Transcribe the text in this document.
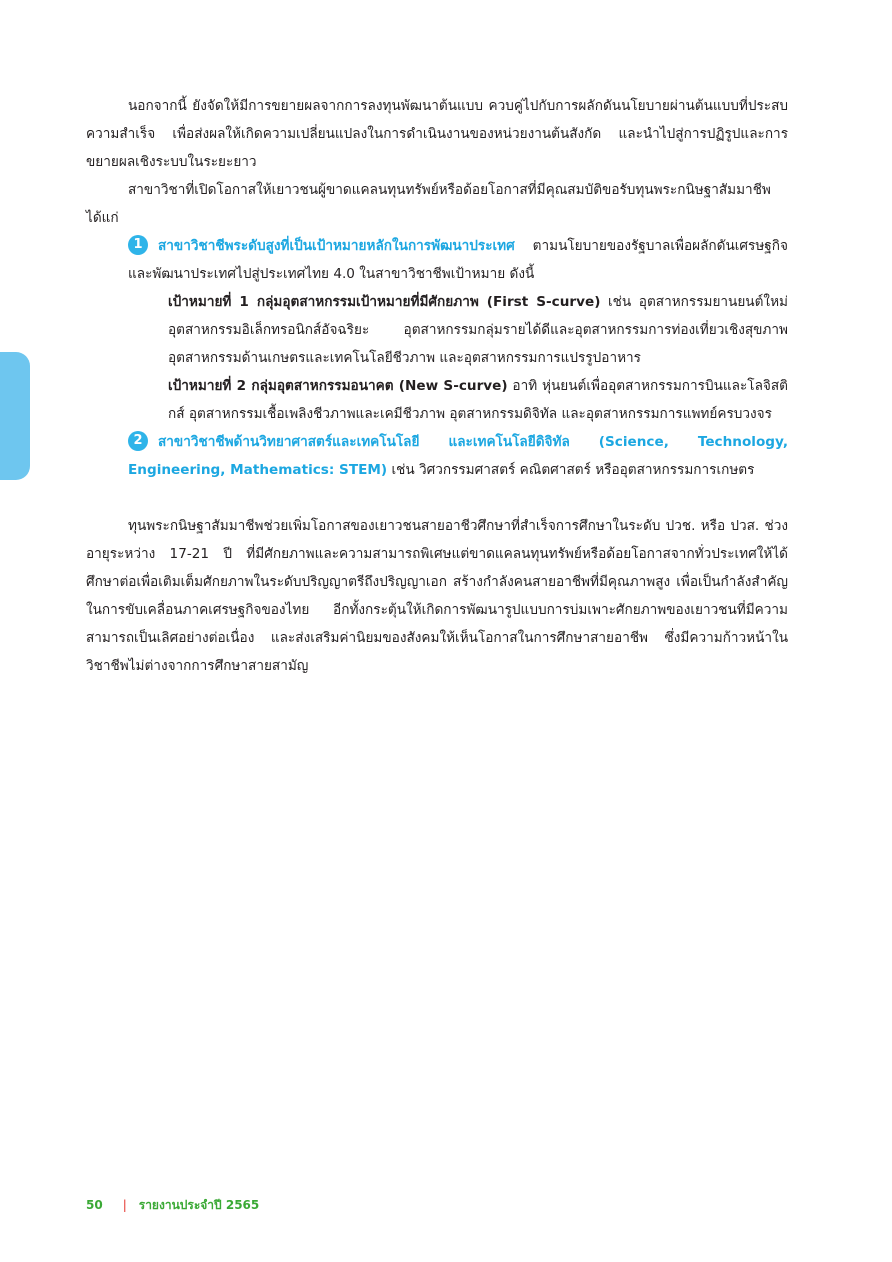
นอกจากนี้ ยังจัดให้มีการขยายผลจากการลงทุนพัฒนาต้นแบบ ควบคู่ไปกับการผลักดันนโยบายผ่านต้นแบบที่ประสบความสำเร็จ เพื่อส่งผลให้เกิดความเปลี่ยนแปลงในการดำเนินงานของหน่วยงานต้นสังกัด และนำไปสู่การปฏิรูปและการขยายผลเชิงระบบในระยะยาว

สาขาวิชาที่เปิดโอกาสให้เยาวชนผู้ขาดแคลนทุนทรัพย์หรือด้อยโอกาสที่มีคุณสมบัติขอรับทุนพระกนิษฐาสัมมาชีพ ได้แก่

1 สาขาวิชาชีพระดับสูงที่เป็นเป้าหมายหลักในการพัฒนาประเทศ ตามนโยบายของรัฐบาลเพื่อผลักดันเศรษฐกิจและพัฒนาประเทศไปสู่ประเทศไทย 4.0 ในสาขาวิชาชีพเป้าหมาย ดังนี้

เป้าหมายที่ 1 กลุ่มอุตสาหกรรมเป้าหมายที่มีศักยภาพ (First S-curve) เช่น อุตสาหกรรมยานยนต์ใหม่ อุตสาหกรรมอิเล็กทรอนิกส์อัจฉริยะ อุตสาหกรรมกลุ่มรายได้ดีและอุตสาหกรรมการท่องเที่ยวเชิงสุขภาพ อุตสาหกรรมด้านเกษตรและเทคโนโลยีชีวภาพ และอุตสาหกรรมการแปรรูปอาหาร

เป้าหมายที่ 2 กลุ่มอุตสาหกรรมอนาคต (New S-curve) อาทิ หุ่นยนต์เพื่ออุตสาหกรรมการบินและโลจิสติกส์ อุตสาหกรรมเชื้อเพลิงชีวภาพและเคมีชีวภาพ อุตสาหกรรมดิจิทัล และอุตสาหกรรมการแพทย์ครบวงจร

2 สาขาวิชาชีพด้านวิทยาศาสตร์และเทคโนโลยี และเทคโนโลยีดิจิทัล (Science, Technology, Engineering, Mathematics: STEM) เช่น วิศวกรรมศาสตร์ คณิตศาสตร์ หรืออุตสาหกรรมการเกษตร

ทุนพระกนิษฐาสัมมาชีพช่วยเพิ่มโอกาสของเยาวชนสายอาชีวศึกษาที่สำเร็จการศึกษาในระดับ ปวช. หรือ ปวส. ช่วงอายุระหว่าง 17-21 ปี ที่มีศักยภาพและความสามารถพิเศษแต่ขาดแคลนทุนทรัพย์หรือด้อยโอกาสจากทั่วประเทศให้ได้ศึกษาต่อเพื่อเติมเต็มศักยภาพในระดับปริญญาตรีถึงปริญญาเอก สร้างกำลังคนสายอาชีพที่มีคุณภาพสูง เพื่อเป็นกำลังสำคัญในการขับเคลื่อนภาคเศรษฐกิจของไทย อีกทั้งกระตุ้นให้เกิดการพัฒนารูปแบบการบ่มเพาะศักยภาพของเยาวชนที่มีความสามารถเป็นเลิศอย่างต่อเนื่อง และส่งเสริมค่านิยมของสังคมให้เห็นโอกาสในการศึกษาสายอาชีพ ซึ่งมีความก้าวหน้าในวิชาชีพไม่ต่างจากการศึกษาสายสามัญ

50 | รายงานประจำปี 2565
